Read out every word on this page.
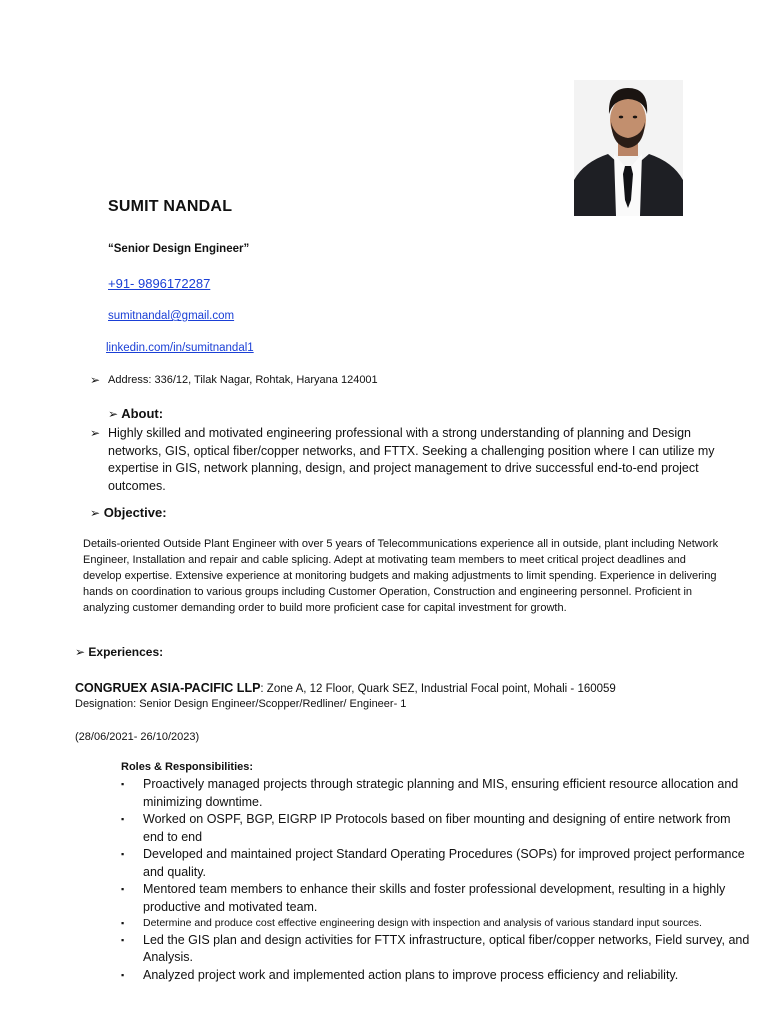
SUMIT NANDAL
“Senior Design Engineer”
+91- 9896172287
sumitnandal@gmail.com
linkedin.com/in/sumitnandal1
➢ Address: 336/12, Tilak Nagar, Rohtak, Haryana 124001
➢ About:
➢ Highly skilled and motivated engineering professional with a strong understanding of planning and Design networks, GIS, optical fiber/copper networks, and FTTX. Seeking a challenging position where I can utilize my expertise in GIS, network planning, design, and project management to drive successful end-to-end project outcomes.
➢ Objective:
Details-oriented Outside Plant Engineer with over 5 years of Telecommunications experience all in outside, plant including Network Engineer, Installation and repair and cable splicing. Adept at motivating team members to meet critical project deadlines and develop expertise. Extensive experience at monitoring budgets and making adjustments to limit spending. Experience in delivering hands on coordination to various groups including Customer Operation, Construction and engineering personnel. Proficient in analyzing customer demanding order to build more proficient case for capital investment for growth.
➢ Experiences:
CONGRUEX ASIA-PACIFIC LLP: Zone A, 12 Floor, Quark SEZ, Industrial Focal point, Mohali - 160059
Designation: Senior Design Engineer/Scopper/Redliner/ Engineer- 1
(28/06/2021- 26/10/2023)
Roles & Responsibilities:
▪ Proactively managed projects through strategic planning and MIS, ensuring efficient resource allocation and minimizing downtime.
▪ Worked on OSPF, BGP, EIGRP IP Protocols based on fiber mounting and designing of entire network from end to end
▪ Developed and maintained project Standard Operating Procedures (SOPs) for improved project performance and quality.
▪ Mentored team members to enhance their skills and foster professional development, resulting in a highly productive and motivated team.
▪ Determine and produce cost effective engineering design with inspection and analysis of various standard input sources.
▪ Led the GIS plan and design activities for FTTX infrastructure, optical fiber/copper networks, Field survey, and Analysis.
▪ Analyzed project work and implemented action plans to improve process efficiency and reliability.
